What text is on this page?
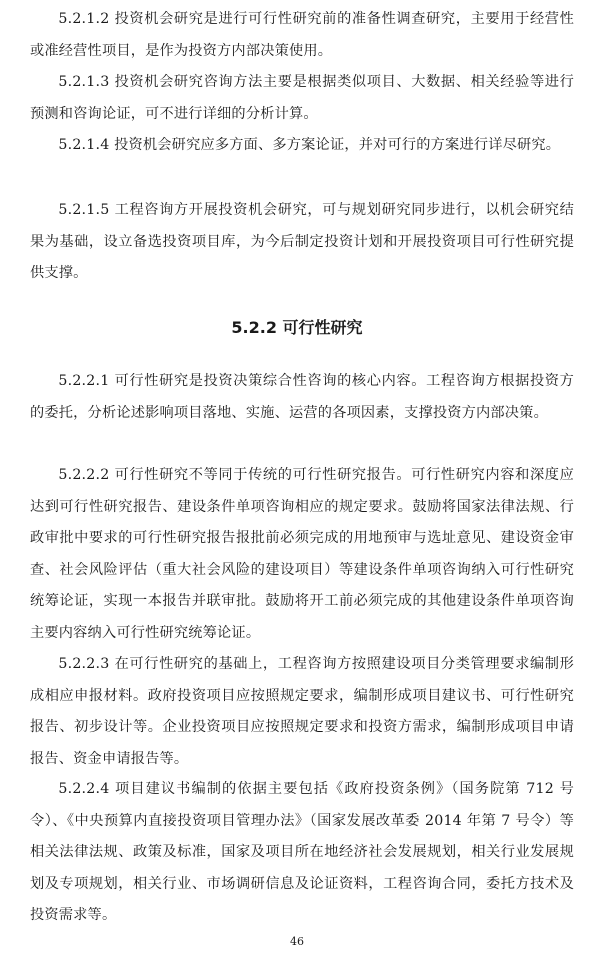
5.2.1.2 投资机会研究是进行可行性研究前的准备性调查研究，主要用于经营性或准经营性项目，是作为投资方内部决策使用。

5.2.1.3 投资机会研究咨询方法主要是根据类似项目、大数据、相关经验等进行预测和咨询论证，可不进行详细的分析计算。

5.2.1.4 投资机会研究应多方面、多方案论证，并对可行的方案进行详尽研究。

5.2.1.5 工程咨询方开展投资机会研究，可与规划研究同步进行，以机会研究结果为基础，设立备选投资项目库，为今后制定投资计划和开展投资项目可行性研究提供支撑。

5.2.2 可行性研究

5.2.2.1 可行性研究是投资决策综合性咨询的核心内容。工程咨询方根据投资方的委托，分析论述影响项目落地、实施、运营的各项因素，支撑投资方内部决策。

5.2.2.2 可行性研究不等同于传统的可行性研究报告。可行性研究内容和深度应达到可行性研究报告、建设条件单项咨询相应的规定要求。鼓励将国家法律法规、行政审批中要求的可行性研究报告报批前必须完成的用地预审与选址意见、建设资金审查、社会风险评估（重大社会风险的建设项目）等建设条件单项咨询纳入可行性研究统筹论证，实现一本报告并联审批。鼓励将开工前必须完成的其他建设条件单项咨询主要内容纳入可行性研究统筹论证。

5.2.2.3 在可行性研究的基础上，工程咨询方按照建设项目分类管理要求编制形成相应申报材料。政府投资项目应按照规定要求，编制形成项目建议书、可行性研究报告、初步设计等。企业投资项目应按照规定要求和投资方需求，编制形成项目申请报告、资金申请报告等。

5.2.2.4 项目建议书编制的依据主要包括《政府投资条例》（国务院第 712 号令）、《中央预算内直接投资项目管理办法》（国家发展改革委 2014 年第 7 号令）等相关法律法规、政策及标准，国家及项目所在地经济社会发展规划，相关行业发展规划及专项规划，相关行业、市场调研信息及论证资料，工程咨询合同，委托方技术及投资需求等。

46
